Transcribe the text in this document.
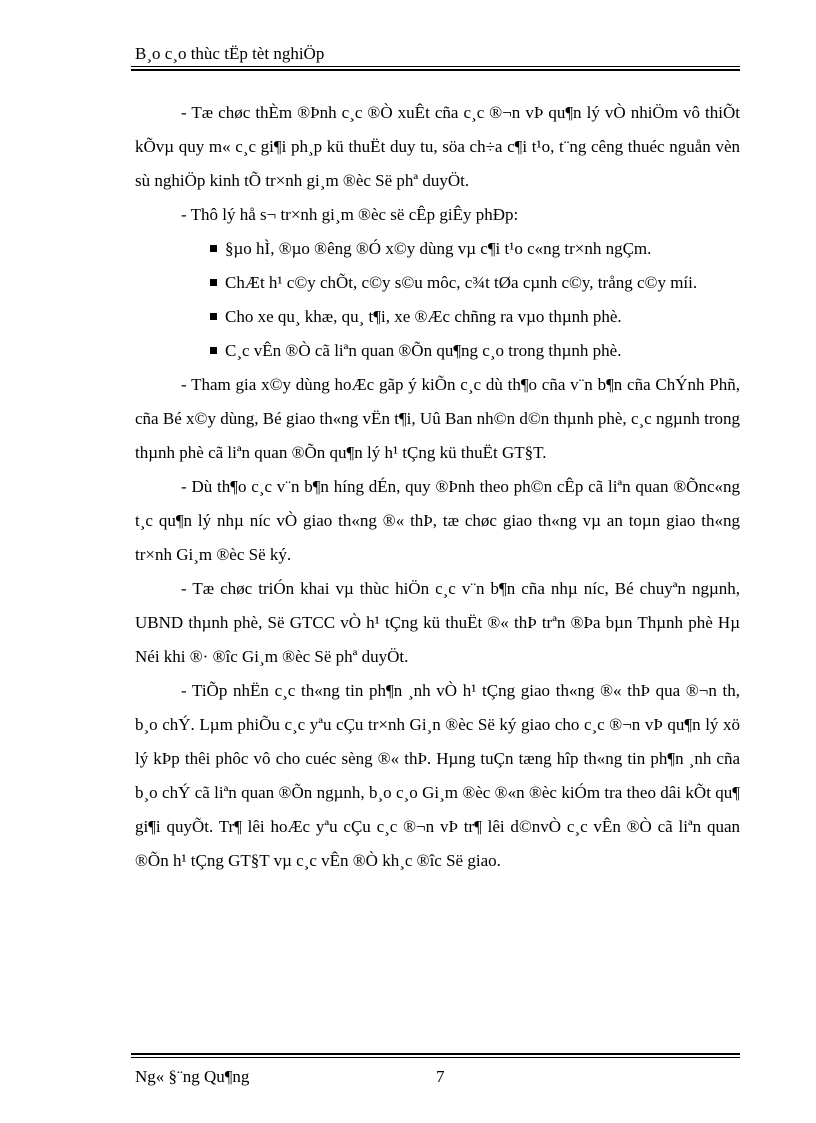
B¸o c¸o thùc tËp tèt nghiÖp

- Tæ chøc thÈm ®Þnh c¸c ®Ò xuÊt cña c¸c ®¬n vÞ qu¶n lý vÒ nhiÖm vô thiÕt kÕvµ quy m« c¸c gi¶i ph¸p kü thuËt duy tu, söa ch÷a c¶i t¹o, t¨ng cêng thuéc nguån vèn sù nghiÖp kinh tÕ tr×nh gi¸m ®èc Së phª duyÖt.

- Thô lý hå s¬ tr×nh gi¸m ®èc së cÊp giÊy phÐp:

§µo hÌ, ®µo ®êng ®Ó x©y dùng vµ c¶i t¹o c«ng tr×nh ngÇm.
ChÆt h¹ c©y chÕt, c©y s©u môc, c¾t tØa cµnh c©y, trång c©y míi.
Cho xe qu¸ khæ, qu¸ t¶i, xe ®Æc chñng ra vµo thµnh phè.
C¸c vÊn ®Ò cã liªn quan ®Õn qu¶ng c¸o trong thµnh phè.

- Tham gia x©y dùng hoÆc gãp ý kiÕn c¸c dù th¶o cña v¨n b¶n cña ChÝnh Phñ, cña Bé x©y dùng, Bé giao th«ng vËn t¶i, Uû Ban nh©n d©n thµnh phè, c¸c ngµnh trong thµnh phè cã liªn quan ®Õn qu¶n lý h¹ tÇng kü thuËt GT§T.

- Dù th¶o c¸c v¨n b¶n híng dÉn, quy ®Þnh theo ph©n cÊp cã liªn quan ®Õnc«ng t¸c qu¶n lý nhµ níc vÒ giao th«ng ®« thÞ, tæ chøc giao th«ng vµ an toµn giao th«ng tr×nh Gi¸m ®èc Së ký.

- Tæ chøc triÓn khai vµ thùc hiÖn c¸c v¨n b¶n cña nhµ níc, Bé chuyªn ngµnh, UBND thµnh phè, Së GTCC vÒ h¹ tÇng kü thuËt ®« thÞ trªn ®Þa bµn Thµnh phè Hµ Néi khi ®· ®îc Gi¸m ®èc Së phª duyÖt.

- TiÕp nhËn c¸c th«ng tin ph¶n ¸nh vÒ h¹ tÇng giao th«ng ®« thÞ qua ®¬n th, b¸o chÝ. Lµm phiÕu c¸c yªu cÇu tr×nh Gi¸n ®èc Së ký giao cho c¸c ®¬n vÞ qu¶n lý xö lý kÞp thêi phôc vô cho cuéc sèng ®« thÞ. Hµng tuÇn tæng hîp th«ng tin ph¶n ¸nh cña b¸o chÝ cã liªn quan ®Õn ngµnh, b¸o c¸o Gi¸m ®èc ®«n ®èc kiÓm tra theo dâi kÕt qu¶ gi¶i quyÕt. Tr¶ lêi hoÆc yªu cÇu c¸c ®¬n vÞ tr¶ lêi d©nvÒ c¸c vÊn ®Ò cã liªn quan ®Õn h¹ tÇng GT§T vµ c¸c vÊn ®Ò kh¸c ®îc Së giao.

Ng« §¨ng Qu¶ng	7
